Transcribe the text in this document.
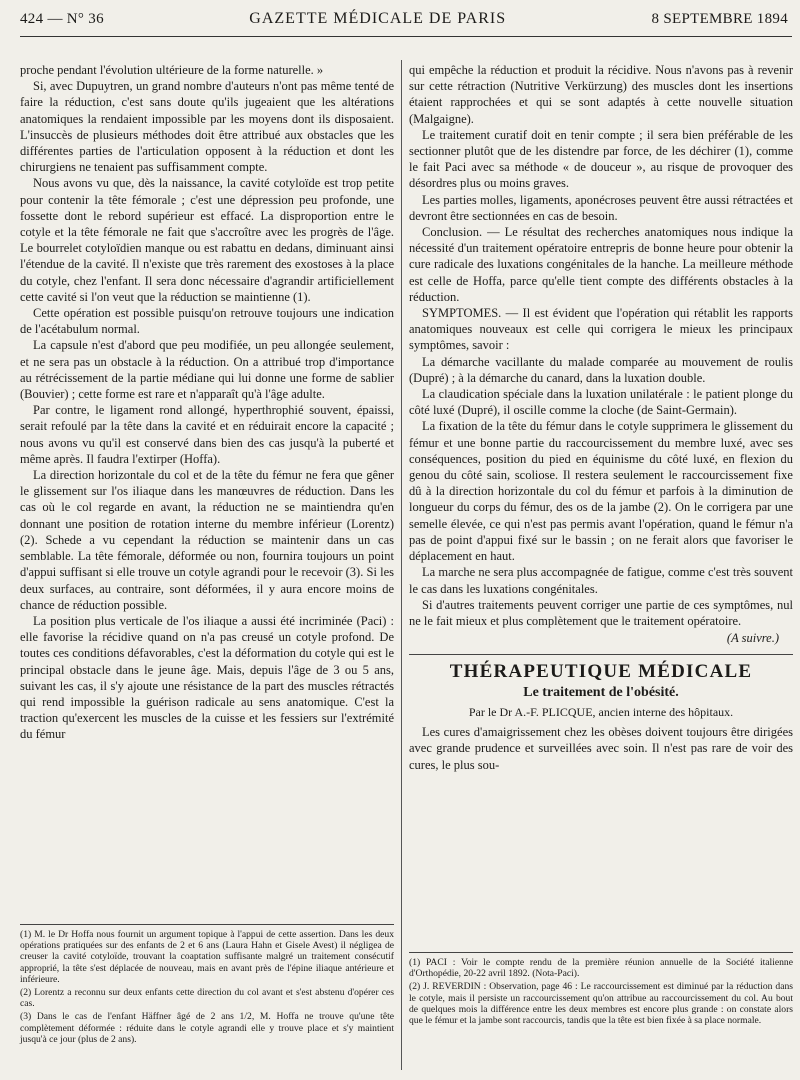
424 — N° 36	GAZETTE MÉDICALE DE PARIS	8 SEPTEMBRE 1894

proche pendant l'évolution ultérieure de la forme naturelle. »

Si, avec Dupuytren, un grand nombre d'auteurs n'ont pas même tenté de faire la réduction, c'est sans doute qu'ils jugeaient que les altérations anatomiques la rendaient impossible par les moyens dont ils disposaient. L'insuccès de plusieurs méthodes doit être attribué aux obstacles que les différentes parties de l'articulation opposent à la réduction et dont les chirurgiens ne tenaient pas suffisamment compte.

Nous avons vu que, dès la naissance, la cavité cotyloïde est trop petite pour contenir la tête fémorale ; c'est une dépression peu profonde, une fossette dont le rebord supérieur est effacé. La disproportion entre le cotyle et la tête fémorale ne fait que s'accroître avec les progrès de l'âge. Le bourrelet cotyloïdien manque ou est rabattu en dedans, diminuant ainsi l'étendue de la cavité. Il n'existe que très rarement des exostoses à la place du cotyle, chez l'enfant. Il sera donc nécessaire d'agrandir artificiellement cette cavité si l'on veut que la réduction se maintienne (1).

Cette opération est possible puisqu'on retrouve toujours une indication de l'acétabulum normal.

La capsule n'est d'abord que peu modifiée, un peu allongée seulement, et ne sera pas un obstacle à la réduction. On a attribué trop d'importance au rétrécissement de la partie médiane qui lui donne une forme de sablier (Bouvier) ; cette forme est rare et n'apparaît qu'à l'âge adulte.

Par contre, le ligament rond allongé, hyperthrophié souvent, épaissi, serait refoulé par la tête dans la cavité et en réduirait encore la capacité ; nous avons vu qu'il est conservé dans bien des cas jusqu'à la puberté et même après. Il faudra l'extirper (Hoffa).

La direction horizontale du col et de la tête du fémur ne fera que gêner le glissement sur l'os iliaque dans les manœuvres de réduction. Dans les cas où le col regarde en avant, la réduction ne se maintiendra qu'en donnant une position de rotation interne du membre inférieur (Lorentz) (2). Schede a vu cependant la réduction se maintenir dans un cas semblable. La tête fémorale, déformée ou non, fournira toujours un point d'appui suffisant si elle trouve un cotyle agrandi pour le recevoir (3). Si les deux surfaces, au contraire, sont déformées, il y aura encore moins de chance de réduction possible.

La position plus verticale de l'os iliaque a aussi été incriminée (Paci) : elle favorise la récidive quand on n'a pas creusé un cotyle profond. De toutes ces conditions défavorables, c'est la déformation du cotyle qui est le principal obstacle dans le jeune âge. Mais, depuis l'âge de 3 ou 5 ans, suivant les cas, il s'y ajoute une résistance de la part des muscles rétractés qui rend impossible la guérison radicale au sens anatomique. C'est la traction qu'exercent les muscles de la cuisse et les fessiers sur l'extrémité du fémur

(1) M. le Dr Hoffa nous fournit un argument topique à l'appui de cette assertion. Dans les deux opérations pratiquées sur des enfants de 2 et 6 ans (Laura Hahn et Gisele Avest) il négligea de creuser la cavité cotyloïde, trouvant la coaptation suffisante malgré un traitement consécutif approprié, la tête s'est déplacée de nouveau, mais en avant près de l'épine iliaque antérieure et inférieure.

(2) Lorentz a reconnu sur deux enfants cette direction du col avant et s'est abstenu d'opérer ces cas.

(3) Dans le cas de l'enfant Häffner âgé de 2 ans 1/2, M. Hoffa ne trouve qu'une tête complètement déformée : réduite dans le cotyle agrandi elle y trouve place et s'y maintient jusqu'à ce jour (plus de 2 ans).

qui empêche la réduction et produit la récidive. Nous n'avons pas à revenir sur cette rétraction (Nutritive Verkürzung) des muscles dont les insertions étaient rapprochées et qui se sont adaptés à cette nouvelle situation (Malgaigne).

Le traitement curatif doit en tenir compte ; il sera bien préférable de les sectionner plutôt que de les distendre par force, de les déchirer (1), comme le fait Paci avec sa méthode « de douceur », au risque de provoquer des désordres plus ou moins graves.

Les parties molles, ligaments, aponécroses peuvent être aussi rétractées et devront être sectionnées en cas de besoin.

Conclusion. — Le résultat des recherches anatomiques nous indique la nécessité d'un traitement opératoire entrepris de bonne heure pour obtenir la cure radicale des luxations congénitales de la hanche. La meilleure méthode est celle de Hoffa, parce qu'elle tient compte des différents obstacles à la réduction.

SYMPTOMES. — Il est évident que l'opération qui rétablit les rapports anatomiques nouveaux est celle qui corrigera le mieux les principaux symptômes, savoir :

La démarche vacillante du malade comparée au mouvement de roulis (Dupré) ; à la démarche du canard, dans la luxation double.

La claudication spéciale dans la luxation unilatérale : le patient plonge du côté luxé (Dupré), il oscille comme la cloche (de Saint-Germain).

La fixation de la tête du fémur dans le cotyle supprimera le glissement du fémur et une bonne partie du raccourcissement du membre luxé, avec ses conséquences, position du pied en équinisme du côté luxé, en flexion du genou du côté sain, scoliose. Il restera seulement le raccourcissement fixe dû à la direction horizontale du col du fémur et parfois à la diminution de longueur du corps du fémur, des os de la jambe (2). On le corrigera par une semelle élevée, ce qui n'est pas permis avant l'opération, quand le fémur n'a pas de point d'appui fixé sur le bassin ; on ne ferait alors que favoriser le déplacement en haut.

La marche ne sera plus accompagnée de fatigue, comme c'est très souvent le cas dans les luxations congénitales.

Si d'autres traitements peuvent corriger une partie de ces symptômes, nul ne le fait mieux et plus complètement que le traitement opératoire.

(A suivre.)
THÉRAPEUTIQUE MÉDICALE
Le traitement de l'obésité.
Par le Dr A.-F. PLICQUE, ancien interne des hôpitaux.

Les cures d'amaigrissement chez les obèses doivent toujours être dirigées avec grande prudence et surveillées avec soin. Il n'est pas rare de voir des cures, le plus sou-

(1) PACI : Voir le compte rendu de la première réunion annuelle de la Société italienne d'Orthopédie, 20-22 avril 1892. (Nota-Paci).

(2) J. REVERDIN : Observation, page 46 : Le raccourcissement est diminué par la réduction dans le cotyle, mais il persiste un raccourcissement qu'on attribue au raccourcissement du col. Au bout de quelques mois la différence entre les deux membres est encore plus grande : on constate alors que le fémur et la jambe sont raccourcis, tandis que la tête est bien fixée à sa place normale.
